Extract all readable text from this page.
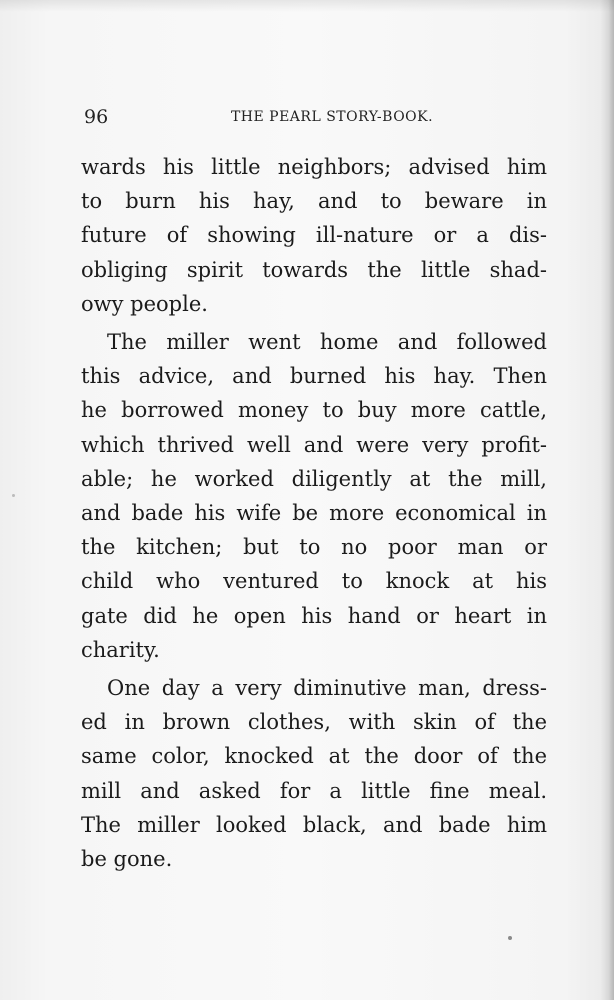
96	THE PEARL STORY-BOOK.

wards his little neighbors; advised him
to burn his hay, and to beware in
future of showing ill-nature or a dis-
obliging spirit towards the little shad-
owy people.

The miller went home and followed
this advice, and burned his hay. Then
he borrowed money to buy more cattle,
which thrived well and were very profit-
able; he worked diligently at the mill,
and bade his wife be more economical in
the kitchen; but to no poor man or
child who ventured to knock at his
gate did he open his hand or heart in
charity.

One day a very diminutive man, dress-
ed in brown clothes, with skin of the
same color, knocked at the door of the
mill and asked for a little fine meal.
The miller looked black, and bade him
be gone.
